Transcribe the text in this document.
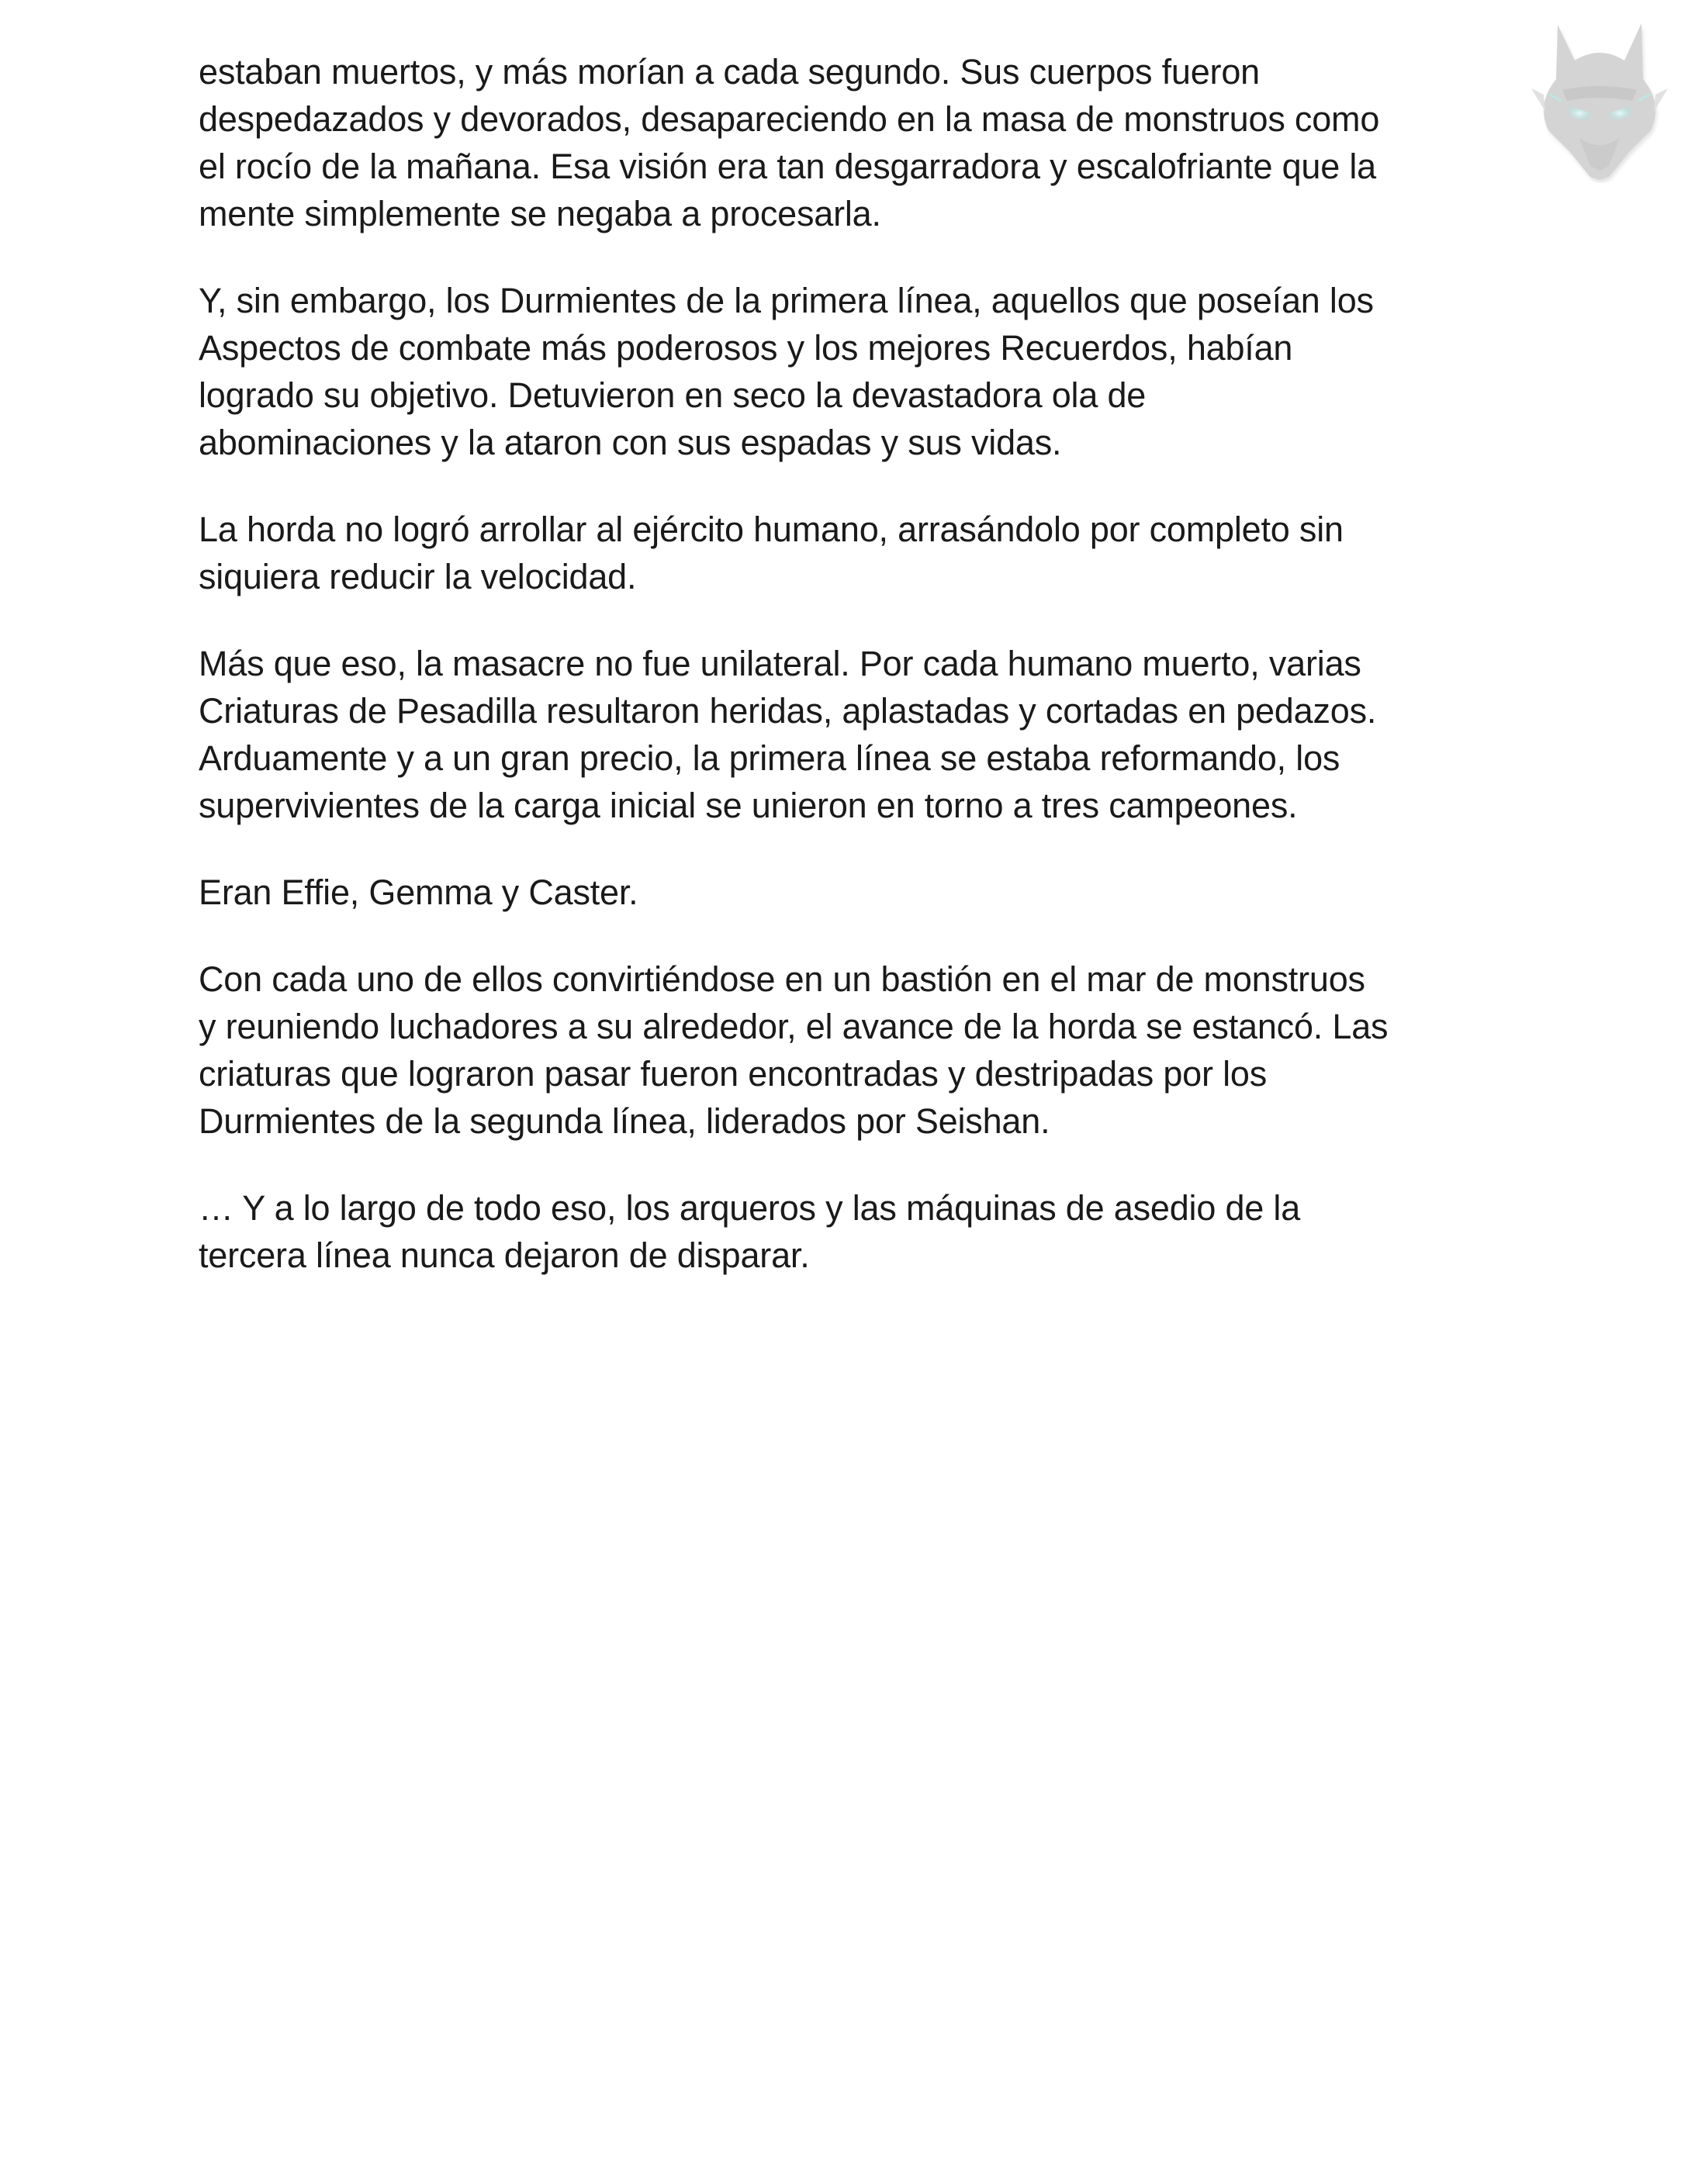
estaban muertos, y más morían a cada segundo. Sus cuerpos fueron
despedazados y devorados, desapareciendo en la masa de monstruos como
el rocío de la mañana. Esa visión era tan desgarradora y escalofriante que la
mente simplemente se negaba a procesarla.

Y, sin embargo, los Durmientes de la primera línea, aquellos que poseían los
Aspectos de combate más poderosos y los mejores Recuerdos, habían
logrado su objetivo. Detuvieron en seco la devastadora ola de
abominaciones y la ataron con sus espadas y sus vidas.

La horda no logró arrollar al ejército humano, arrasándolo por completo sin
siquiera reducir la velocidad.

Más que eso, la masacre no fue unilateral. Por cada humano muerto, varias
Criaturas de Pesadilla resultaron heridas, aplastadas y cortadas en pedazos.
Arduamente y a un gran precio, la primera línea se estaba reformando, los
supervivientes de la carga inicial se unieron en torno a tres campeones.

Eran Effie, Gemma y Caster.

Con cada uno de ellos convirtiéndose en un bastión en el mar de monstruos
y reuniendo luchadores a su alrededor, el avance de la horda se estancó. Las
criaturas que lograron pasar fueron encontradas y destripadas por los
Durmientes de la segunda línea, liderados por Seishan.

… Y a lo largo de todo eso, los arqueros y las máquinas de asedio de la
tercera línea nunca dejaron de disparar.
